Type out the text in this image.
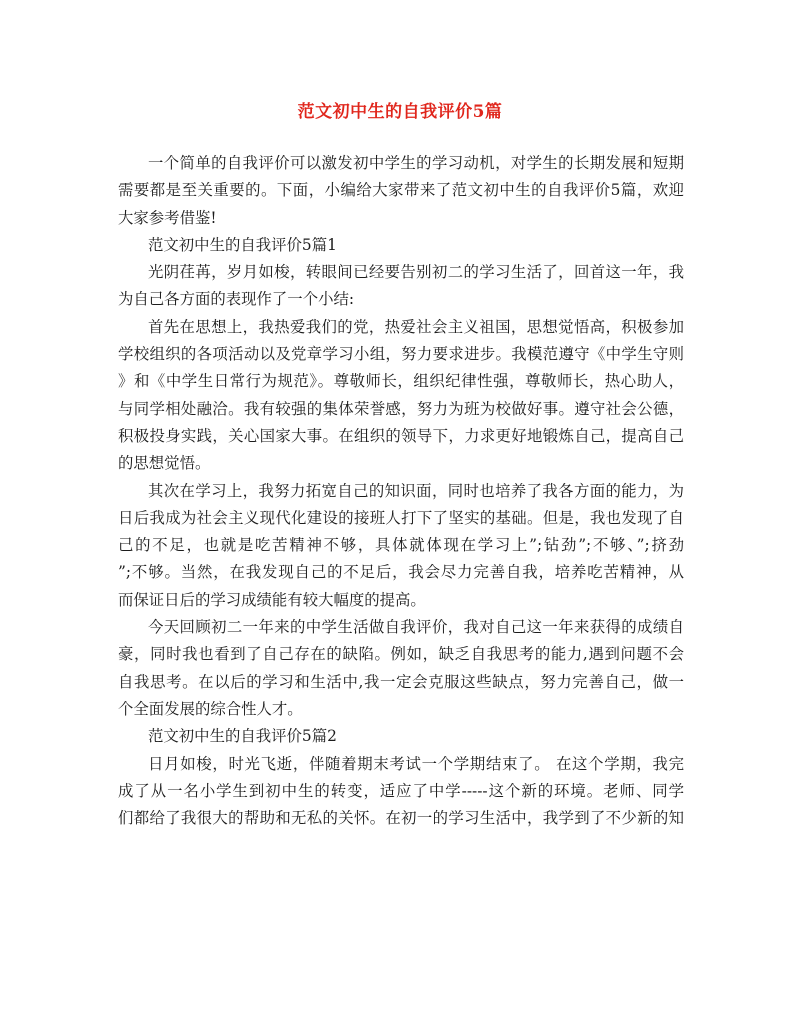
范文初中生的自我评价5篇
一个简单的自我评价可以激发初中学生的学习动机，对学生的长期发展和短期
需要都是至关重要的。下面，小编给大家带来了范文初中生的自我评价5篇，欢迎
大家参考借鉴!
范文初中生的自我评价5篇1
光阴荏苒，岁月如梭，转眼间已经要告别初二的学习生活了，回首这一年，我
为自己各方面的表现作了一个小结:
首先在思想上，我热爱我们的党，热爱社会主义祖国，思想觉悟高，积极参加
学校组织的各项活动以及党章学习小组，努力要求进步。我模范遵守《中学生守则
》和《中学生日常行为规范》。尊敬师长，组织纪律性强，尊敬师长，热心助人，
与同学相处融洽。我有较强的集体荣誉感，努力为班为校做好事。遵守社会公德，
积极投身实践，关心国家大事。在组织的领导下，力求更好地锻炼自己，提高自己
的思想觉悟。
其次在学习上，我努力拓宽自己的知识面，同时也培养了我各方面的能力，为
日后我成为社会主义现代化建设的接班人打下了坚实的基础。但是，我也发现了自
己的不足，也就是吃苦精神不够，具体就体现在学习上”;钻劲”;不够、”;挤劲
”;不够。当然，在我发现自己的不足后，我会尽力完善自我，培养吃苦精神，从
而保证日后的学习成绩能有较大幅度的提高。
今天回顾初二一年来的中学生活做自我评价，我对自己这一年来获得的成绩自
豪，同时我也看到了自己存在的缺陷。例如，缺乏自我思考的能力,遇到问题不会
自我思考。在以后的学习和生活中,我一定会克服这些缺点，努力完善自己，做一
个全面发展的综合性人才。
范文初中生的自我评价5篇2
日月如梭，时光飞逝，伴随着期末考试一个学期结束了。 在这个学期，我完
成了从一名小学生到初中生的转变，适应了中学-----这个新的环境。老师、同学
们都给了我很大的帮助和无私的关怀。在初一的学习生活中，我学到了不少新的知
